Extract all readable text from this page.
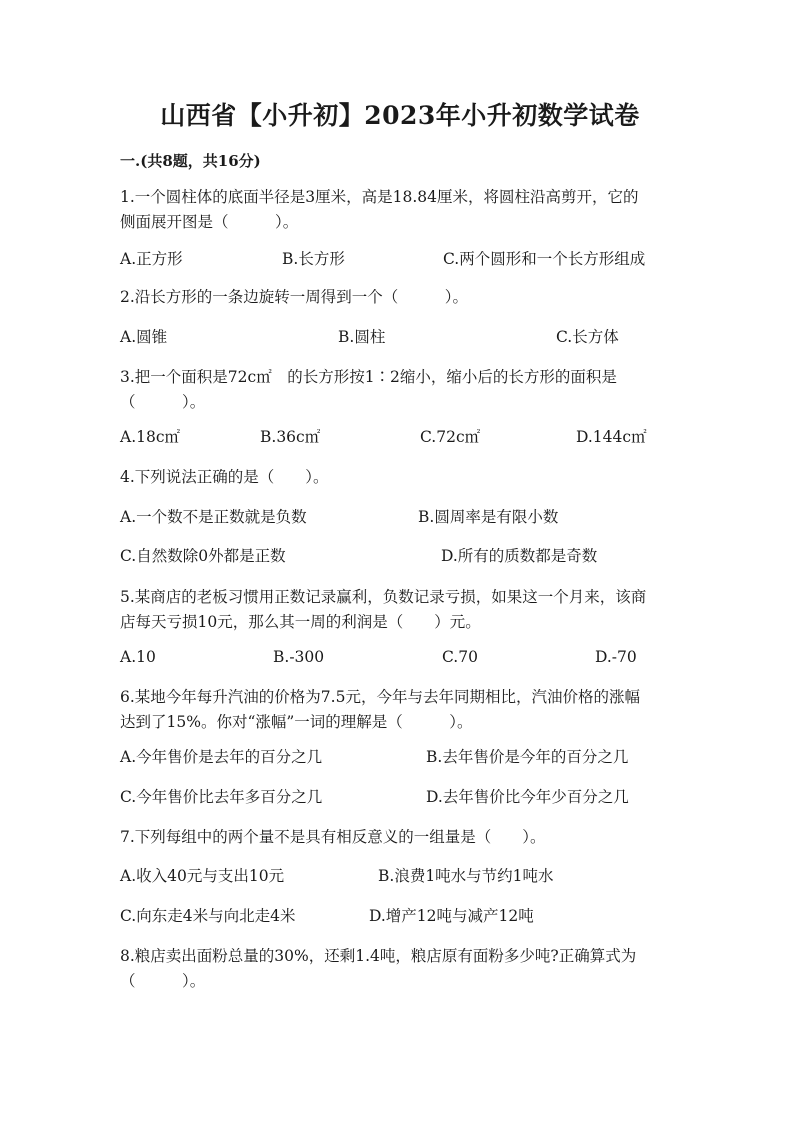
山西省【小升初】2023年小升初数学试卷
一.(共8题，共16分)
1.一个圆柱体的底面半径是3厘米，高是18.84厘米，将圆柱沿高剪开，它的
侧面展开图是（　　　）。
A.正方形	B.长方形	C.两个圆形和一个长方形组成
2.沿长方形的一条边旋转一周得到一个（　　　）。
A.圆锥	B.圆柱	C.长方体
3.把一个面积是72c㎡　的长方形按1∶2缩小，缩小后的长方形的面积是
（　　　）。
A.18c㎡	B.36c㎡	C.72c㎡	D.144c㎡
4.下列说法正确的是（　　）。
A.一个数不是正数就是负数	B.圆周率是有限小数
C.自然数除0外都是正数	D.所有的质数都是奇数
5.某商店的老板习惯用正数记录赢利，负数记录亏损，如果这一个月来，该商
店每天亏损10元，那么其一周的利润是（　　）元。
A.10	B.-300	C.70	D.-70
6.某地今年每升汽油的价格为7.5元，今年与去年同期相比，汽油价格的涨幅
达到了15%。你对“涨幅”一词的理解是（　　　）。
A.今年售价是去年的百分之几	B.去年售价是今年的百分之几
C.今年售价比去年多百分之几	D.去年售价比今年少百分之几
7.下列每组中的两个量不是具有相反意义的一组量是（　　）。
A.收入40元与支出10元	B.浪费1吨水与节约1吨水
C.向东走4米与向北走4米	D.增产12吨与减产12吨
8.粮店卖出面粉总量的30%，还剩1.4吨，粮店原有面粉多少吨?正确算式为
（　　　）。
